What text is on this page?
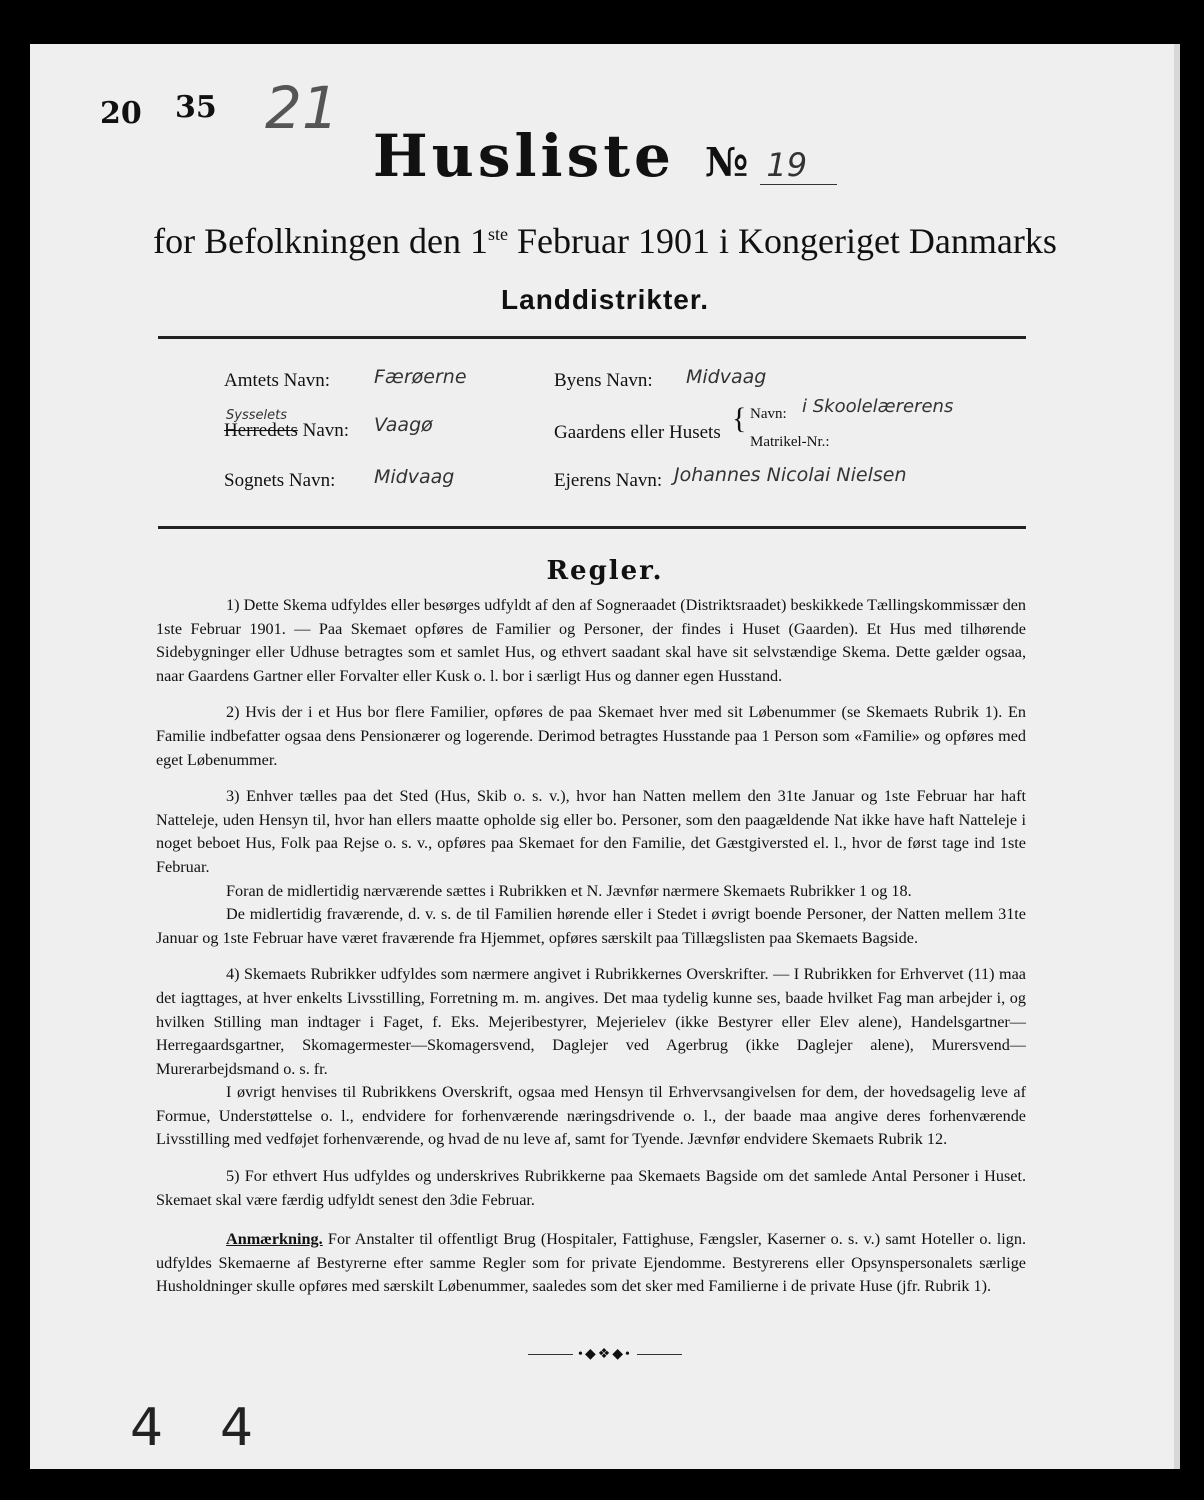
20 35 21
Husliste № 19
for Befolkningen den 1ste Februar 1901 i Kongeriget Danmarks
Landdistrikter.
Amtets Navn: Færøerne
Sysselets
Herredets Navn: Vaagø
Sognets Navn: Midvaag
Byens Navn: Midvaag
Gaardens eller Husets { Navn: i Skoolelærerens
Matrikel-Nr.:
Ejerens Navn: Johannes Nicolai Nielsen
Regler.

1) Dette Skema udfyldes eller besørges udfyldt af den af Sogneraadet (Distriktsraadet) beskikkede Tællingskommissær den 1ste Februar 1901. — Paa Skemaet opføres de Familier og Personer, der findes i Huset (Gaarden). Et Hus med tilhørende Sidebygninger eller Udhuse betragtes som et samlet Hus, og ethvert saadant skal have sit selvstændige Skema. Dette gælder ogsaa, naar Gaardens Gartner eller Forvalter eller Kusk o. l. bor i særligt Hus og danner egen Husstand.

2) Hvis der i et Hus bor flere Familier, opføres de paa Skemaet hver med sit Løbenummer (se Skemaets Rubrik 1). En Familie indbefatter ogsaa dens Pensionærer og logerende. Derimod betragtes Husstande paa 1 Person som «Familie» og opføres med eget Løbenummer.

3) Enhver tælles paa det Sted (Hus, Skib o. s. v.), hvor han Natten mellem den 31te Januar og 1ste Februar har haft Natteleje, uden Hensyn til, hvor han ellers maatte opholde sig eller bo. Personer, som den paagældende Nat ikke have haft Natteleje i noget beboet Hus, Folk paa Rejse o. s. v., opføres paa Skemaet for den Familie, det Gæstgiversted el. l., hvor de først tage ind 1ste Februar.

Foran de midlertidig nærværende sættes i Rubrikken et N. Jævnfør nærmere Skemaets Rubrikker 1 og 18.

De midlertidig fraværende, d. v. s. de til Familien hørende eller i Stedet i øvrigt boende Personer, der Natten mellem 31te Januar og 1ste Februar have været fraværende fra Hjemmet, opføres særskilt paa Tillægslisten paa Skemaets Bagside.

4) Skemaets Rubrikker udfyldes som nærmere angivet i Rubrikkernes Overskrifter. — I Rubrikken for Erhvervet (11) maa det iagttages, at hver enkelts Livsstilling, Forretning m. m. angives. Det maa tydelig kunne ses, baade hvilket Fag man arbejder i, og hvilken Stilling man indtager i Faget, f. Eks. Mejeribestyrer, Mejerielev (ikke Bestyrer eller Elev alene), Handelsgartner—Herregaardsgartner, Skomagermester—Skomagersvend, Daglejer ved Agerbrug (ikke Daglejer alene), Murersvend—Murerarbejdsmand o. s. fr.

I øvrigt henvises til Rubrikkens Overskrift, ogsaa med Hensyn til Erhvervsangivelsen for dem, der hovedsagelig leve af Formue, Understøttelse o. l., endvidere for forhenværende næringsdrivende o. l., der baade maa angive deres forhenværende Livsstilling med vedføjet forhenværende, og hvad de nu leve af, samt for Tyende. Jævnfør endvidere Skemaets Rubrik 12.

5) For ethvert Hus udfyldes og underskrives Rubrikkerne paa Skemaets Bagside om det samlede Antal Personer i Huset. Skemaet skal være færdig udfyldt senest den 3die Februar.

Anmærkning. For Anstalter til offentligt Brug (Hospitaler, Fattighuse, Fængsler, Kaserner o. s. v.) samt Hoteller o. lign. udfyldes Skemaerne af Bestyrerne efter samme Regler som for private Ejendomme. Bestyrerens eller Opsynspersonalets særlige Husholdninger skulle opføres med særskilt Løbenummer, saaledes som det sker med Familierne i de private Huse (jfr. Rubrik 1).

•◆❖◆•
4 4
